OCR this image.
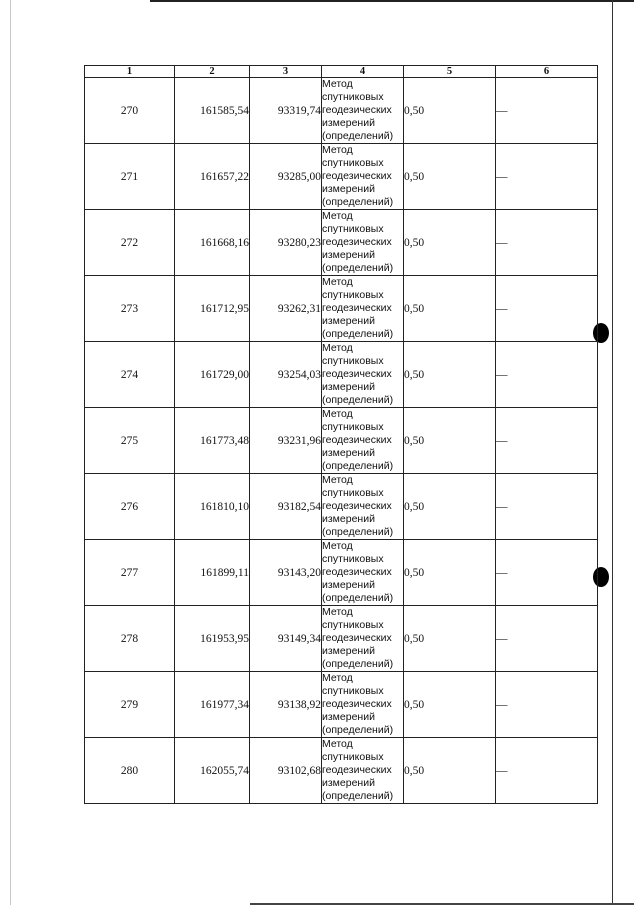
1	2	3	4	5	6
270	161585,54	93319,74	Метод
спутниковых
геодезических
измерений
(определений)	0,50	—
271	161657,22	93285,00	Метод
спутниковых
геодезических
измерений
(определений)	0,50	—
272	161668,16	93280,23	Метод
спутниковых
геодезических
измерений
(определений)	0,50	—
273	161712,95	93262,31	Метод
спутниковых
геодезических
измерений
(определений)	0,50	—
274	161729,00	93254,03	Метод
спутниковых
геодезических
измерений
(определений)	0,50	—
275	161773,48	93231,96	Метод
спутниковых
геодезических
измерений
(определений)	0,50	—
276	161810,10	93182,54	Метод
спутниковых
геодезических
измерений
(определений)	0,50	—
277	161899,11	93143,20	Метод
спутниковых
геодезических
измерений
(определений)	0,50	—
278	161953,95	93149,34	Метод
спутниковых
геодезических
измерений
(определений)	0,50	—
279	161977,34	93138,92	Метод
спутниковых
геодезических
измерений
(определений)	0,50	—
280	162055,74	93102,68	Метод
спутниковых
геодезических
измерений
(определений)	0,50	—
